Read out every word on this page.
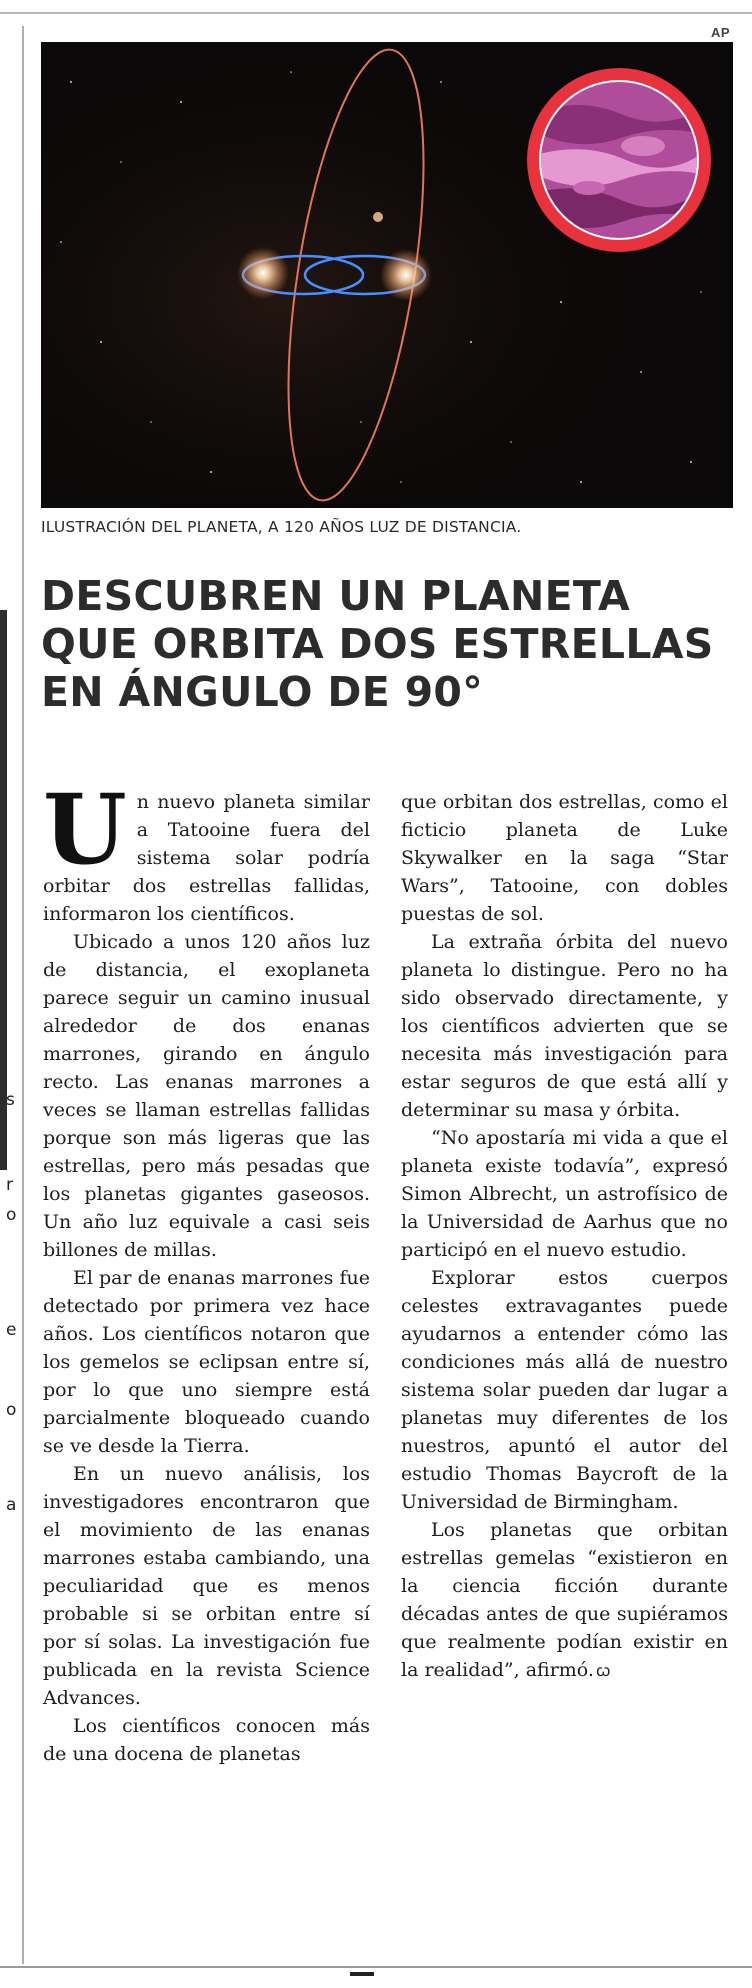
s
r
o
e
o
a
AP
ILUSTRACIÓN DEL PLANETA, A 120 AÑOS LUZ DE DISTANCIA.
DESCUBREN UN PLANETA QUE ORBITA DOS ESTRELLAS EN ÁNGULO DE 90°

Un nuevo planeta similar a Tatooine fuera del sistema solar podría orbitar dos estrellas fallidas, informaron los científicos.

Ubicado a unos 120 años luz de distancia, el exoplaneta parece seguir un camino inusual alrededor de dos enanas marrones, girando en ángulo recto. Las enanas marrones a veces se llaman estrellas fallidas porque son más ligeras que las estrellas, pero más pesadas que los planetas gigantes gaseosos. Un año luz equivale a casi seis billones de millas.

El par de enanas marrones fue detectado por primera vez hace años. Los científicos notaron que los gemelos se eclipsan entre sí, por lo que uno siempre está parcialmente bloqueado cuando se ve desde la Tierra.

En un nuevo análisis, los investigadores encontraron que el movimiento de las enanas marrones estaba cambiando, una peculiaridad que es menos probable si se orbitan entre sí por sí solas. La investigación fue publicada en la revista Science Advances.

Los científicos conocen más de una docena de planetas

que orbitan dos estrellas, como el ficticio planeta de Luke Skywalker en la saga “Star Wars”, Tatooine, con dobles puestas de sol.

La extraña órbita del nuevo planeta lo distingue. Pero no ha sido observado directamente, y los científicos advierten que se necesita más investigación para estar seguros de que está allí y determinar su masa y órbita.

“No apostaría mi vida a que el planeta existe todavía”, expresó Simon Albrecht, un astrofísico de la Universidad de Aarhus que no participó en el nuevo estudio.

Explorar estos cuerpos celestes extravagantes puede ayudarnos a entender cómo las condiciones más allá de nuestro sistema solar pueden dar lugar a planetas muy diferentes de los nuestros, apuntó el autor del estudio Thomas Baycroft de la Universidad de Birmingham.

Los planetas que orbitan estrellas gemelas “existieron en la ciencia ficción durante décadas antes de que supiéramos que realmente podían existir en la realidad”, afirmó. ꞷ
